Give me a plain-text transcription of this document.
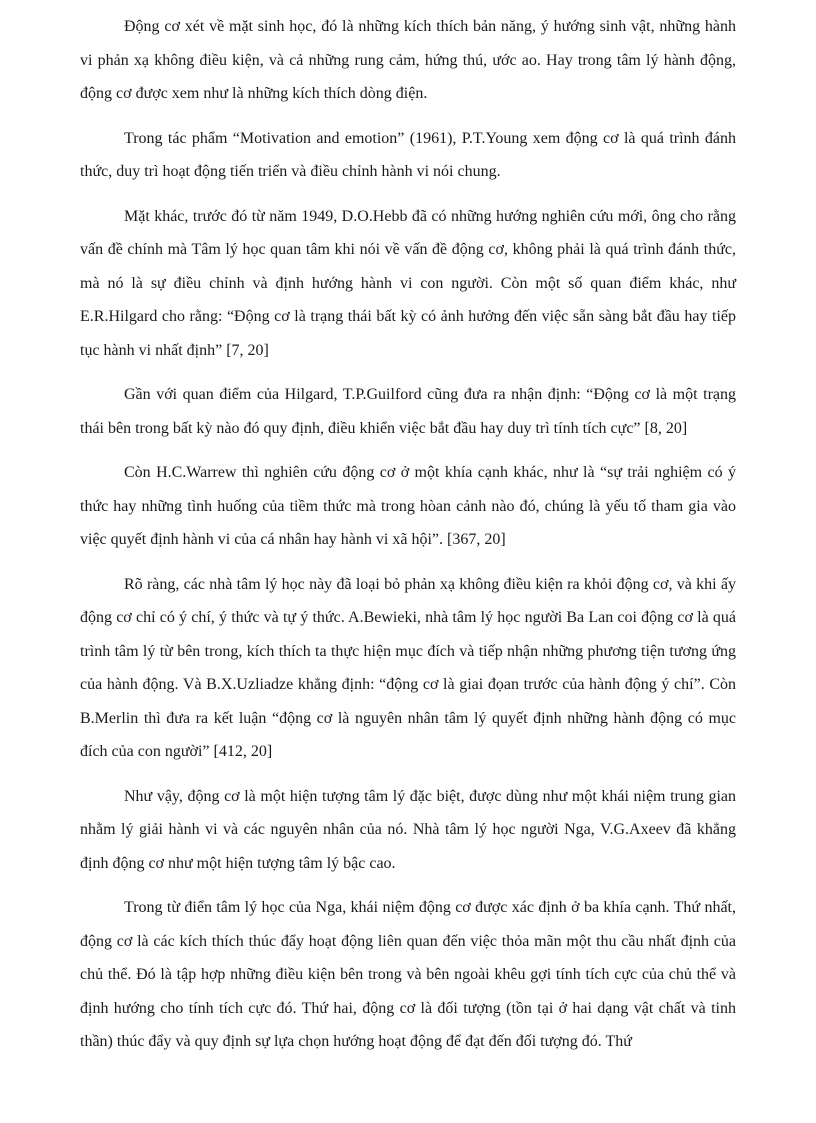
Động cơ xét về mặt sinh học, đó là những kích thích bản năng, ý hướng sinh vật, những hành vi phản xạ không điều kiện, và cả những rung cảm, hứng thú, ước ao. Hay trong tâm lý hành động, động cơ được xem như là những kích thích dòng điện.

Trong tác phẩm “Motivation and emotion” (1961), P.T.Young xem động cơ là quá trình đánh thức, duy trì hoạt động tiến triển và điều chỉnh hành vi nói chung.

Mặt khác, trước đó từ năm 1949, D.O.Hebb đã có những hướng nghiên cứu mới, ông cho rằng vấn đề chính mà Tâm lý học quan tâm khi nói về vấn đề động cơ, không phải là quá trình đánh thức, mà nó là sự điều chỉnh và định hướng hành vi con người. Còn một số quan điểm khác, như E.R.Hilgard cho rằng: “Động cơ là trạng thái bất kỳ có ảnh hưởng đến việc sẵn sàng bắt đầu hay tiếp tục hành vi nhất định” [7, 20]

Gần với quan điểm của Hilgard, T.P.Guilford cũng đưa ra nhận định: “Động cơ là một trạng thái bên trong bất kỳ nào đó quy định, điều khiển việc bắt đầu hay duy trì tính tích cực” [8, 20]

Còn H.C.Warrew thì nghiên cứu động cơ ở một khía cạnh khác, như là “sự trải nghiệm có ý thức hay những tình huống của tiềm thức mà trong hòan cảnh nào đó, chúng là yếu tố tham gia vào việc quyết định hành vi của cá nhân hay hành vi xã hội”. [367, 20]

Rõ ràng, các nhà tâm lý học này đã loại bỏ phản xạ không điều kiện ra khỏi động cơ, và khi ấy động cơ chỉ có ý chí, ý thức và tự ý thức. A.Bewieki, nhà tâm lý học người Ba Lan coi động cơ là quá trình tâm lý từ bên trong, kích thích ta thực hiện mục đích và tiếp nhận những phương tiện tương ứng của hành động. Và B.X.Uzliadze khẳng định: “động cơ là giai đọan trước của hành động ý chí”. Còn B.Merlin thì đưa ra kết luận “động cơ là nguyên nhân tâm lý quyết định những hành động có mục đích của con người” [412, 20]

Như vậy, động cơ là một hiện tượng tâm lý đặc biệt, được dùng như một khái niệm trung gian nhằm lý giải hành vi và các nguyên nhân của nó. Nhà tâm lý học người Nga, V.G.Axeev đã khẳng định động cơ như một hiện tượng tâm lý bậc cao.

Trong từ điển tâm lý học của Nga, khái niệm động cơ được xác định ở ba khía cạnh. Thứ nhất, động cơ là các kích thích thúc đẩy hoạt động liên quan đến việc thỏa mãn một thu cầu nhất định của chủ thể. Đó là tập hợp những điều kiện bên trong và bên ngoài khêu gợi tính tích cực của chủ thể và định hướng cho tính tích cực đó. Thứ hai, động cơ là đối tượng (tồn tại ở hai dạng vật chất và tinh thần) thúc đẩy và quy định sự lựa chọn hướng hoạt động để đạt đến đối tượng đó. Thứ
